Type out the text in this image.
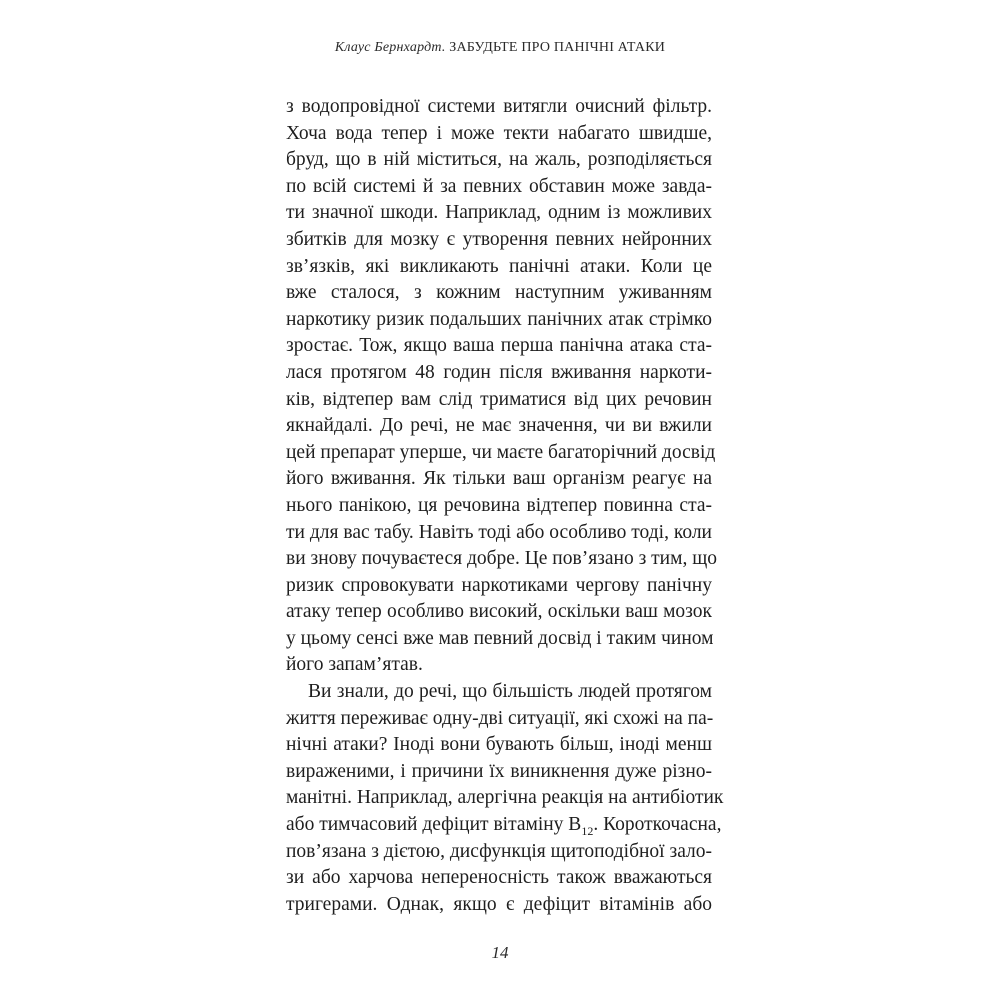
Клаус Бернхардт. ЗАБУДЬТЕ ПРО ПАНІЧНІ АТАКИ
з водопровідної системи витягли очисний фільтр.
Хоча вода тепер і може текти набагато швидше,
бруд, що в ній міститься, на жаль, розподіляється
по всій системі й за певних обставин може завда-
ти значної шкоди. Наприклад, одним із можливих
збитків для мозку є утворення певних нейронних
зв’язків, які викликають панічні атаки. Коли це
вже сталося, з кожним наступним уживанням
наркотику ризик подальших панічних атак стрімко
зростає. Тож, якщо ваша перша панічна атака ста-
лася протягом 48 годин після вживання наркоти-
ків, відтепер вам слід триматися від цих речовин
якнайдалі. До речі, не має значення, чи ви вжили
цей препарат уперше, чи маєте багаторічний досвід
його вживання. Як тільки ваш організм реагує на
нього панікою, ця речовина відтепер повинна ста-
ти для вас табу. Навіть тоді або особливо тоді, коли
ви знову почуваєтеся добре. Це пов’язано з тим, що
ризик спровокувати наркотиками чергову панічну
атаку тепер особливо високий, оскільки ваш мозок
у цьому сенсі вже мав певний досвід і таким чином
його запам’ятав.
Ви знали, до речі, що більшість людей протягом
життя переживає одну-дві ситуації, які схожі на па-
нічні атаки? Іноді вони бувають більш, іноді менш
вираженими, і причини їх виникнення дуже різно-
манітні. Наприклад, алергічна реакція на антибіотик
або тимчасовий дефіцит вітаміну $В_{12}$. Короткочасна,
пов’язана з дієтою, дисфункція щитоподібної зало-
зи або харчова непереносність також вважаються
тригерами. Однак, якщо є дефіцит вітамінів або
14
